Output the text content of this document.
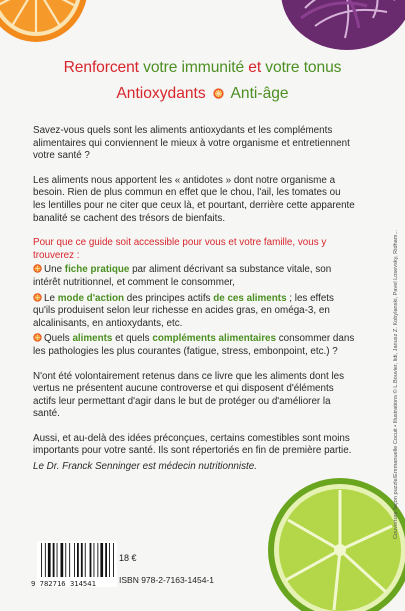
Renforcent votre immunité et votre tonus
Antioxydants Anti-âge

Savez-vous quels sont les aliments antioxydants et les compléments alimentaires qui conviennent le mieux à votre organisme et entretiennent votre santé ?

Les aliments nous apportent les « antidotes » dont notre organisme a besoin. Rien de plus commun en effet que le chou, l'ail, les tomates ou les lentilles pour ne citer que ceux là, et pourtant, derrière cette apparente banalité se cachent des trésors de bienfaits.

Pour que ce guide soit accessible pour vous et votre famille, vous y trouverez :

Une fiche pratique par aliment décrivant sa substance vitale, son intérêt nutritionnel, et comment le consommer,

Le mode d'action des principes actifs de ces aliments ; les effets qu'ils produisent selon leur richesse en acides gras, en oméga-3, en alcalinisants, en antioxydants, etc.

Quels aliments et quels compléments alimentaires consommer dans les pathologies les plus courantes (fatigue, stress, embonpoint, etc.) ?

N'ont été volontairement retenus dans ce livre que les aliments dont les vertus ne présentent aucune controverse et qui disposent d'éléments actifs leur permettant d'agir dans le but de protéger ou d'améliorer la santé.

Aussi, et au-delà des idées préconçues, certains comestibles sont moins importants pour votre santé. Ils sont répertoriés en fin de première partie.

Le Dr. Franck Senninger est médecin nutritionniste.

9 782716 314541
18 €
ISBN 978-2-7163-1454-1
Couverture façon puzzle/Emmanuelle Cocuit • Illustrations © L.Bouvier, lidi, Janusz Z. Kobylanski, Pavel Losevsky, Ridham...
